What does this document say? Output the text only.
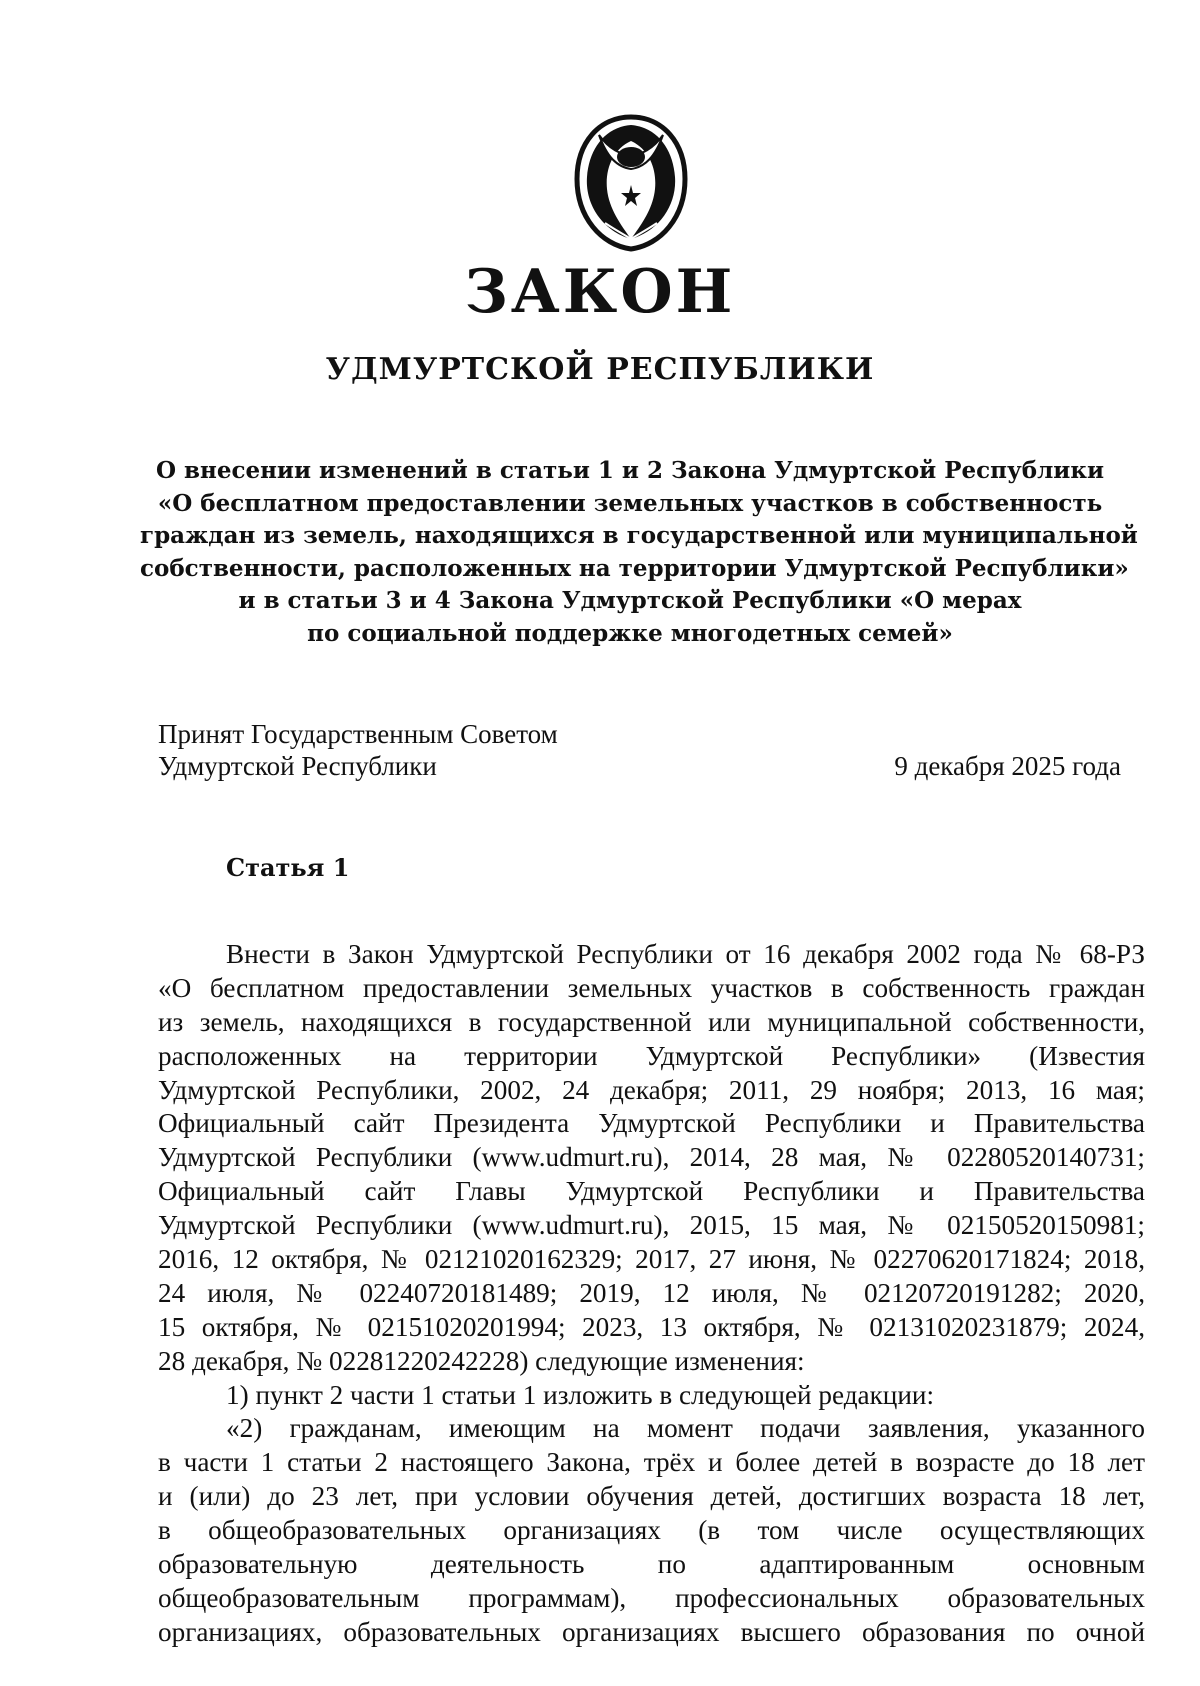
ЗАКОН
УДМУРТСКОЙ РЕСПУБЛИКИ
О внесении изменений в статьи 1 и 2 Закона Удмуртской Республики
«О бесплатном предоставлении земельных участков в собственность
граждан из земель, находящихся в государственной или муниципальной
собственности, расположенных на территории Удмуртской Республики»
и в статьи 3 и 4 Закона Удмуртской Республики «О мерах
по социальной поддержке многодетных семей»
Принят Государственным Советом
Удмуртской Республики	9 декабря 2025 года
Статья 1
Внести в Закон Удмуртской Республики от 16 декабря 2002 года № 68-РЗ
«О бесплатном предоставлении земельных участков в собственность граждан
из земель, находящихся в государственной или муниципальной собственности,
расположенных на территории Удмуртской Республики» (Известия
Удмуртской Республики, 2002, 24 декабря; 2011, 29 ноября; 2013, 16 мая;
Официальный сайт Президента Удмуртской Республики и Правительства
Удмуртской Республики (www.udmurt.ru), 2014, 28 мая, № 02280520140731;
Официальный сайт Главы Удмуртской Республики и Правительства
Удмуртской Республики (www.udmurt.ru), 2015, 15 мая, № 02150520150981;
2016, 12 октября, № 02121020162329; 2017, 27 июня, № 02270620171824; 2018,
24 июля, № 02240720181489; 2019, 12 июля, № 02120720191282; 2020,
15 октября, № 02151020201994; 2023, 13 октября, № 02131020231879; 2024,
28 декабря, № 02281220242228) следующие изменения:
1) пункт 2 части 1 статьи 1 изложить в следующей редакции:
«2) гражданам, имеющим на момент подачи заявления, указанного
в части 1 статьи 2 настоящего Закона, трёх и более детей в возрасте до 18 лет
и (или) до 23 лет, при условии обучения детей, достигших возраста 18 лет,
в общеобразовательных организациях (в том числе осуществляющих
образовательную деятельность по адаптированным основным
общеобразовательным программам), профессиональных образовательных
организациях, образовательных организациях высшего образования по очной
